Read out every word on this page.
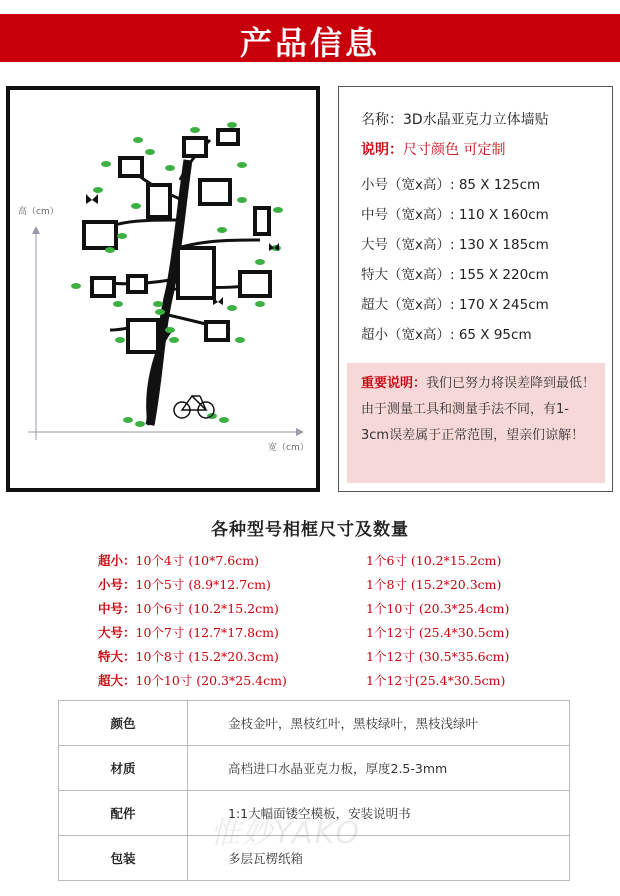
产品信息
高（cm）
宽（cm）
名称：3D水晶亚克力立体墙贴
说明：尺寸颜色 可定制
小号（宽x高）: 85 X 125cm
中号（宽x高）: 110 X 160cm
大号（宽x高）: 130 X 185cm
特大（宽x高）: 155 X 220cm
超大（宽x高）: 170 X 245cm
超小（宽x高）: 65 X 95cm
重要说明：我们已努力将误差降到最低！由于测量工具和测量手法不同，有1-3cm误差属于正常范围，望亲们谅解！
各种型号相框尺寸及数量
超小：10个4寸 (10*7.6cm)	1个6寸 (10.2*15.2cm)
小号：10个5寸 (8.9*12.7cm)	1个8寸 (15.2*20.3cm)
中号：10个6寸 (10.2*15.2cm)	1个10寸 (20.3*25.4cm)
大号：10个7寸 (12.7*17.8cm)	1个12寸 (25.4*30.5cm)
特大：10个8寸 (15.2*20.3cm)	1个12寸 (30.5*35.6cm)
超大：10个10寸 (20.3*25.4cm)	1个12寸(25.4*30.5cm)
颜色	金枝金叶，黑枝红叶，黑枝绿叶，黑枝浅绿叶
材质	高档进口水晶亚克力板，厚度2.5-3mm
配件	1:1大幅面镂空模板，安装说明书
包装	多层瓦楞纸箱
惟妙YAKO
